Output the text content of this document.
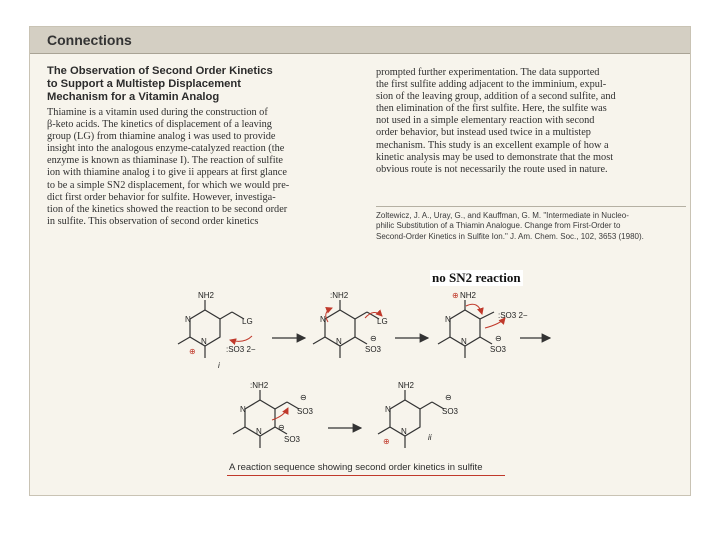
Connections
The Observation of Second Order Kinetics
to Support a Multistep Displacement
Mechanism for a Vitamin Analog
Thiamine is a vitamin used during the construction of
β-keto acids. The kinetics of displacement of a leaving
group (LG) from thiamine analog i was used to provide
insight into the analogous enzyme-catalyzed reaction (the
enzyme is known as thiaminase I). The reaction of sulfite
ion with thiamine analog i to give ii appears at first glance
to be a simple SN2 displacement, for which we would pre-
dict first order behavior for sulfite. However, investiga-
tion of the kinetics showed the reaction to be second order
in sulfite. This observation of second order kinetics
prompted further experimentation. The data supported
the first sulfite adding adjacent to the imminium, expul-
sion of the leaving group, addition of a second sulfite, and
then elimination of the first sulfite. Here, the sulfite was
not used in a simple elementary reaction with second
order behavior, but instead used twice in a multistep
mechanism. This study is an excellent example of how a
kinetic analysis may be used to demonstrate that the most
obvious route is not necessarily the route used in nature.
Zoltewicz, J. A., Uray, G., and Kauffman, G. M. "Intermediate in Nucleo-
philic Substitution of a Thiamin Analogue. Change from First-Order to
Second-Order Kinetics in Sulfite Ion." J. Am. Chem. Soc., 102, 3653 (1980).
no SN2 reaction
NH2
N
N
LG
:SO3 2−
⊕
i
:NH2
N
N
LG
SO3
⊖
NH2
⊕
N
N
:SO3 2−
SO3
⊖
:NH2
N
N
SO3
⊖
SO3
⊖
NH2
N
N
SO3
⊖
⊕	ii
A reaction sequence showing second order kinetics in sulfite
